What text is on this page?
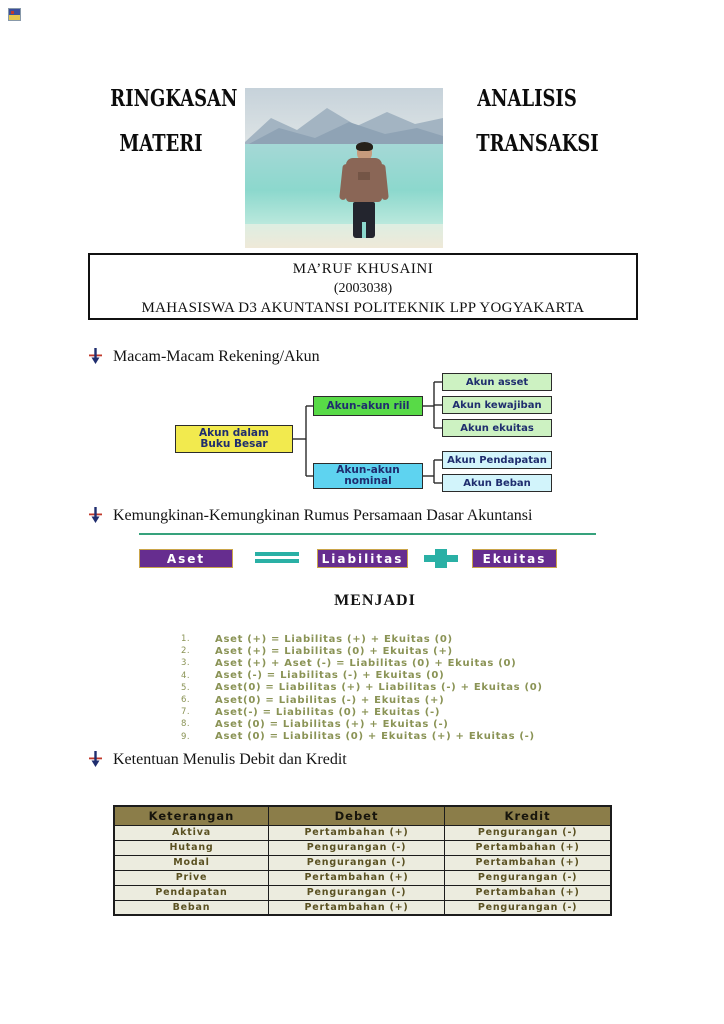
RINGKASAN
MATERI
ANALISIS
TRANSAKSI
MA’RUF KHUSAINI
(2003038)
MAHASISWA D3 AKUNTANSI POLITEKNIK LPP YOGYAKARTA
Macam-Macam Rekening/Akun
Akun dalam
Buku Besar
Akun-akun riil
Akun-akun
nominal
Akun asset
Akun kewajiban
Akun ekuitas
Akun Pendapatan
Akun Beban
Kemungkinan-Kemungkinan Rumus Persamaan Dasar Akuntansi
Aset	Liabilitas	Ekuitas
MENJADI
1.	Aset (+) = Liabilitas (+) + Ekuitas (0)
2.	Aset (+) = Liabilitas (0) + Ekuitas (+)
3.	Aset (+) + Aset (-) = Liabilitas (0) + Ekuitas (0)
4.	Aset (-) = Liabilitas (-) + Ekuitas (0)
5.	Aset(0) = Liabilitas (+) + Liabilitas (-) + Ekuitas (0)
6.	Aset(0) = Liabilitas (-) + Ekuitas (+)
7.	Aset(-) = Liabilitas (0) + Ekuitas (-)
8.	Aset (0) = Liabilitas (+) + Ekuitas (-)
9.	Aset (0) = Liabilitas (0) + Ekuitas (+) + Ekuitas (-)
Ketentuan Menulis Debit dan Kredit
Keterangan	Debet	Kredit
Aktiva	Pertambahan (+)	Pengurangan (-)
Hutang	Pengurangan (-)	Pertambahan (+)
Modal	Pengurangan (-)	Pertambahan (+)
Prive	Pertambahan (+)	Pengurangan (-)
Pendapatan	Pengurangan (-)	Pertambahan (+)
Beban	Pertambahan (+)	Pengurangan (-)
